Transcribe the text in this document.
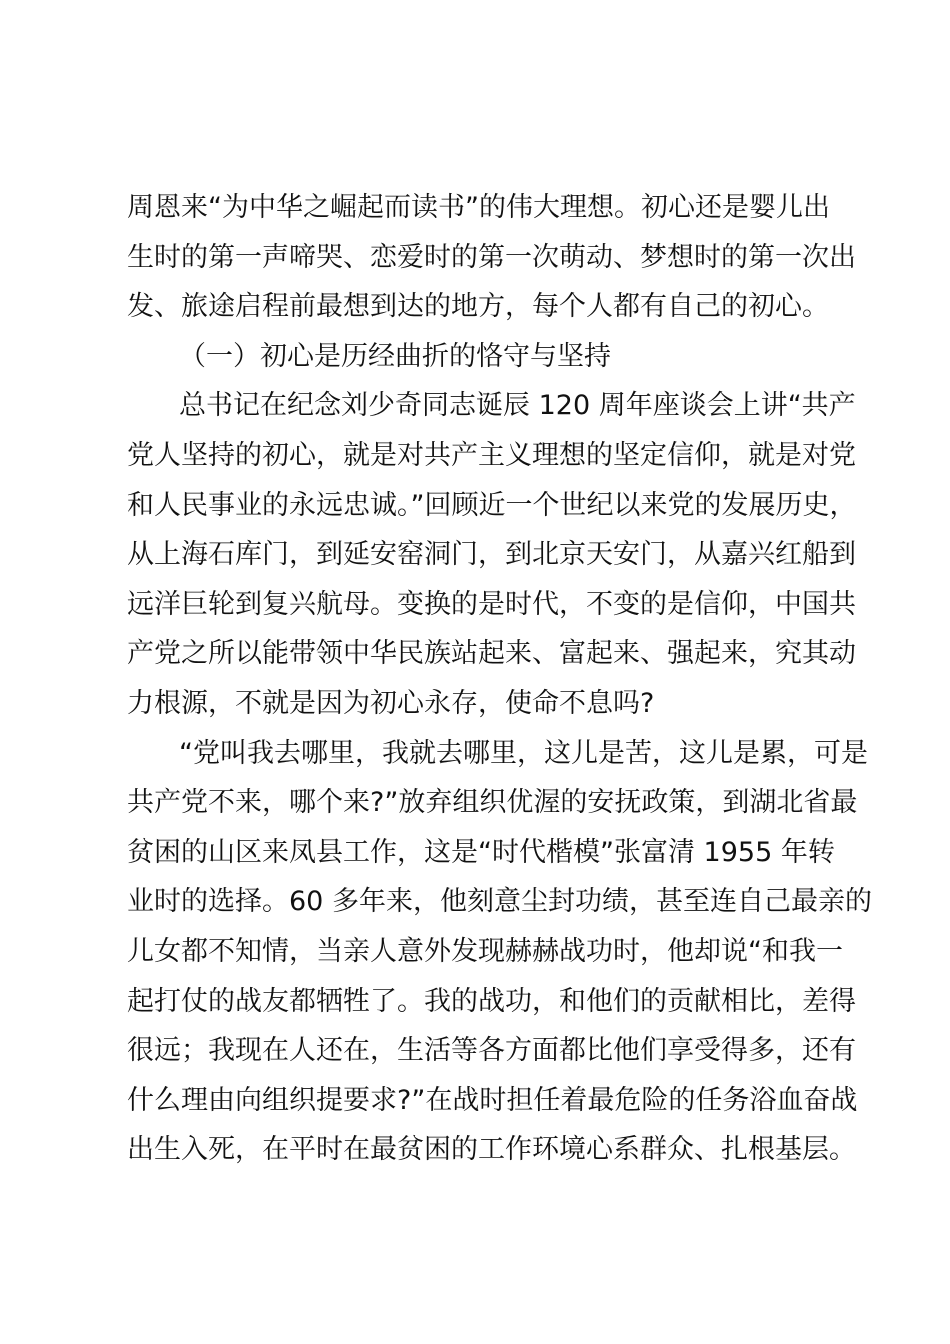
周恩来“为中华之崛起而读书”的伟大理想。初心还是婴儿出
生时的第一声啼哭、恋爱时的第一次萌动、梦想时的第一次出
发、旅途启程前最想到达的地方，每个人都有自己的初心。
（一）初心是历经曲折的恪守与坚持
总书记在纪念刘少奇同志诞辰 120 周年座谈会上讲“共产
党人坚持的初心，就是对共产主义理想的坚定信仰，就是对党
和人民事业的永远忠诚。”回顾近一个世纪以来党的发展历史，
从上海石库门，到延安窑洞门，到北京天安门，从嘉兴红船到
远洋巨轮到复兴航母。变换的是时代，不变的是信仰，中国共
产党之所以能带领中华民族站起来、富起来、强起来，究其动
力根源，不就是因为初心永存，使命不息吗?
“党叫我去哪里，我就去哪里，这儿是苦，这儿是累，可是
共产党不来，哪个来?”放弃组织优渥的安抚政策，到湖北省最
贫困的山区来凤县工作，这是“时代楷模”张富清 1955 年转
业时的选择。60 多年来，他刻意尘封功绩，甚至连自己最亲的
儿女都不知情，当亲人意外发现赫赫战功时，他却说“和我一
起打仗的战友都牺牲了。我的战功，和他们的贡献相比，差得
很远；我现在人还在，生活等各方面都比他们享受得多，还有
什么理由向组织提要求?”在战时担任着最危险的任务浴血奋战
出生入死，在平时在最贫困的工作环境心系群众、扎根基层。
